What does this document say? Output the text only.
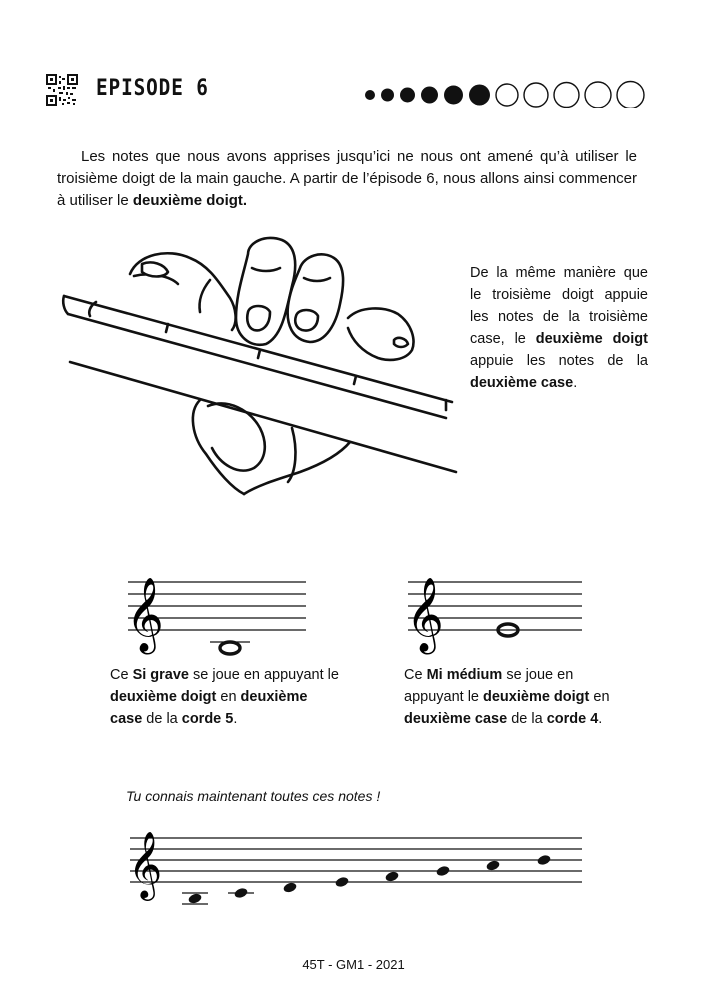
EPISODE 6
Les notes que nous avons apprises jusqu’ici ne nous ont amené qu’à utiliser le troisième doigt de la main gauche. A partir de l’épisode 6, nous allons ainsi commencer à utiliser le deuxième doigt.
De la même manière que le troisième doigt appuie les notes de la troisième case, le deuxième doigt appuie les notes de la deuxième case.
𝄞	𝄞
Ce Si grave se joue en appuyant le deuxième doigt en deuxième case de la corde 5.
Ce Mi médium se joue en appuyant le deuxième doigt en deuxième case de la corde 4.
Tu connais maintenant toutes ces notes !
𝄞
45T - GM1 - 2021
